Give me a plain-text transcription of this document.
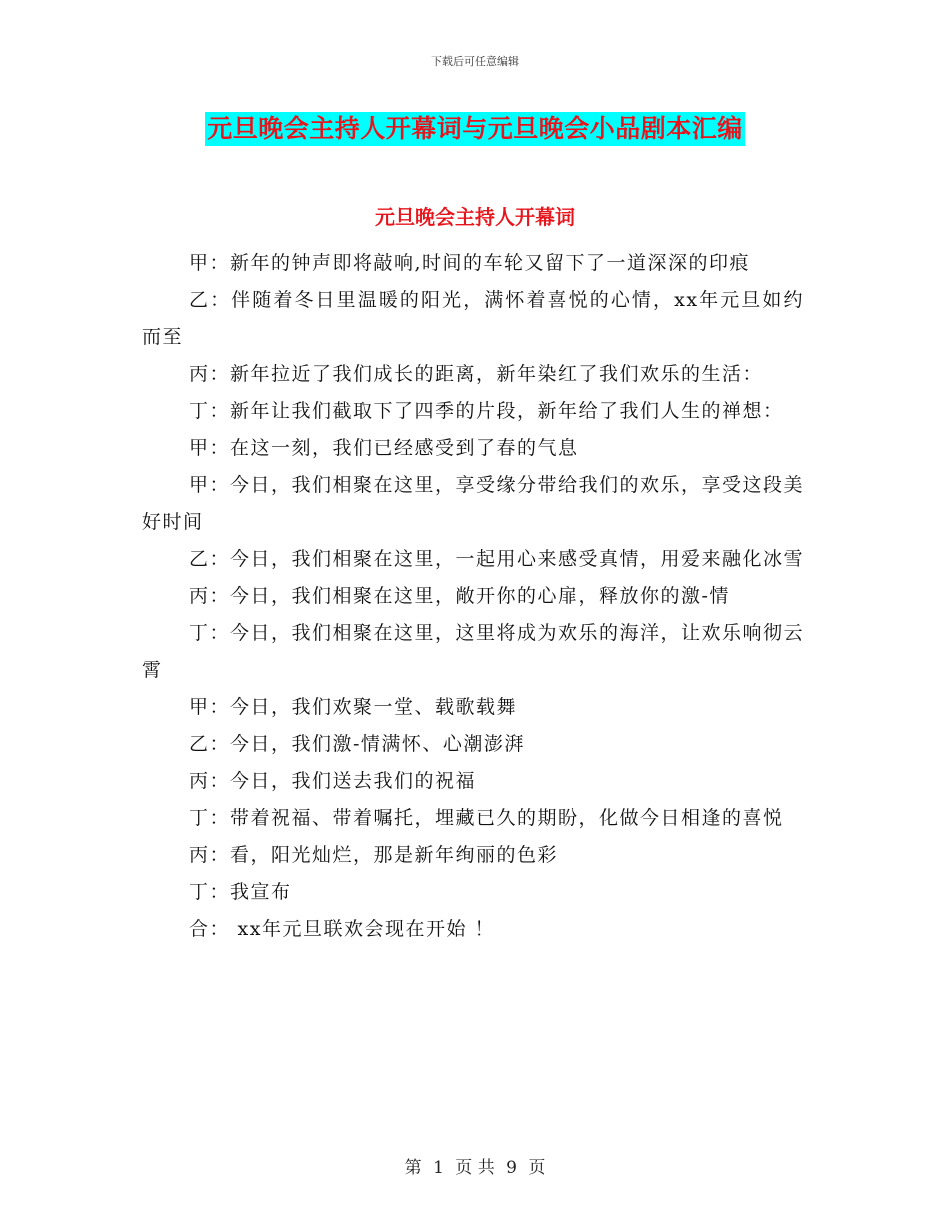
下载后可任意编辑
元旦晚会主持人开幕词与元旦晚会小品剧本汇编
元旦晚会主持人开幕词

甲：新年的钟声即将敲响,时间的车轮又留下了一道深深的印痕

乙：伴随着冬日里温暖的阳光，满怀着喜悦的心情，xx年元旦如约而至

丙：新年拉近了我们成长的距离，新年染红了我们欢乐的生活：

丁：新年让我们截取下了四季的片段，新年给了我们人生的禅想：

甲：在这一刻，我们已经感受到了春的气息

甲：今日，我们相聚在这里，享受缘分带给我们的欢乐，享受这段美好时间

乙：今日，我们相聚在这里，一起用心来感受真情，用爱来融化冰雪

丙：今日，我们相聚在这里，敞开你的心扉，释放你的激-情

丁：今日，我们相聚在这里，这里将成为欢乐的海洋，让欢乐响彻云霄

甲：今日，我们欢聚一堂、载歌载舞

乙：今日，我们激-情满怀、心潮澎湃

丙：今日，我们送去我们的祝福

丁：带着祝福、带着嘱托，埋藏已久的期盼，化做今日相逢的喜悦

丙：看，阳光灿烂，那是新年绚丽的色彩

丁：我宣布

合： xx年元旦联欢会现在开始 ！

第 1 页 共 9 页
